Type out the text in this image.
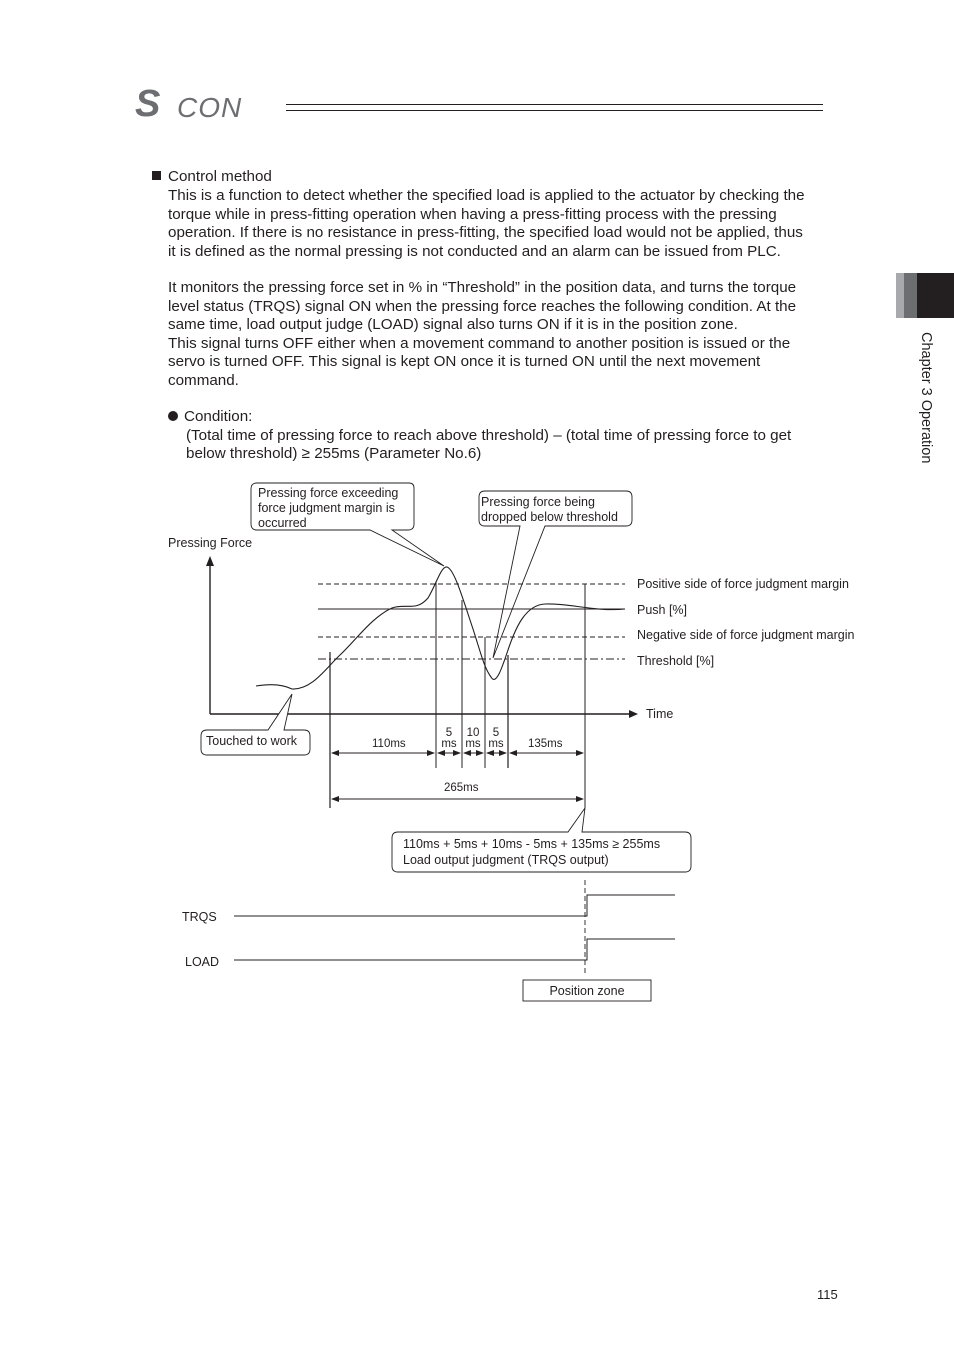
S CON
Chapter 3 Operation
Control method
This is a function to detect whether the specified load is applied to the actuator by checking the
torque while in press-fitting operation when having a press-fitting process with the pressing
operation. If there is no resistance in press-fitting, the specified load would not be applied, thus
it is defined as the normal pressing is not conducted and an alarm can be issued from PLC.
It monitors the pressing force set in % in “Threshold” in the position data, and turns the torque
level status (TRQS) signal ON when the pressing force reaches the following condition. At the
same time, load output judge (LOAD) signal also turns ON if it is in the position zone.
This signal turns OFF either when a movement command to another position is issued or the
servo is turned OFF. This signal is kept ON once it is turned ON until the next movement
command.
Condition:
(Total time of pressing force to reach above threshold) – (total time of pressing force to get
below threshold) ≥ 255ms (Parameter No.6)
Pressing force exceeding
force judgment margin is
occurred
Pressing force being
dropped below threshold
Pressing Force
Time
Positive side of force judgment margin
Push [%]
Negative side of force judgment margin
Threshold [%]
Touched to work	110ms
5
ms
10
ms
5
ms 135ms
265ms
110ms + 5ms + 10ms - 5ms + 135ms ≥ 255ms
Load output judgment (TRQS output)
TRQS
LOAD
Position zone
115
